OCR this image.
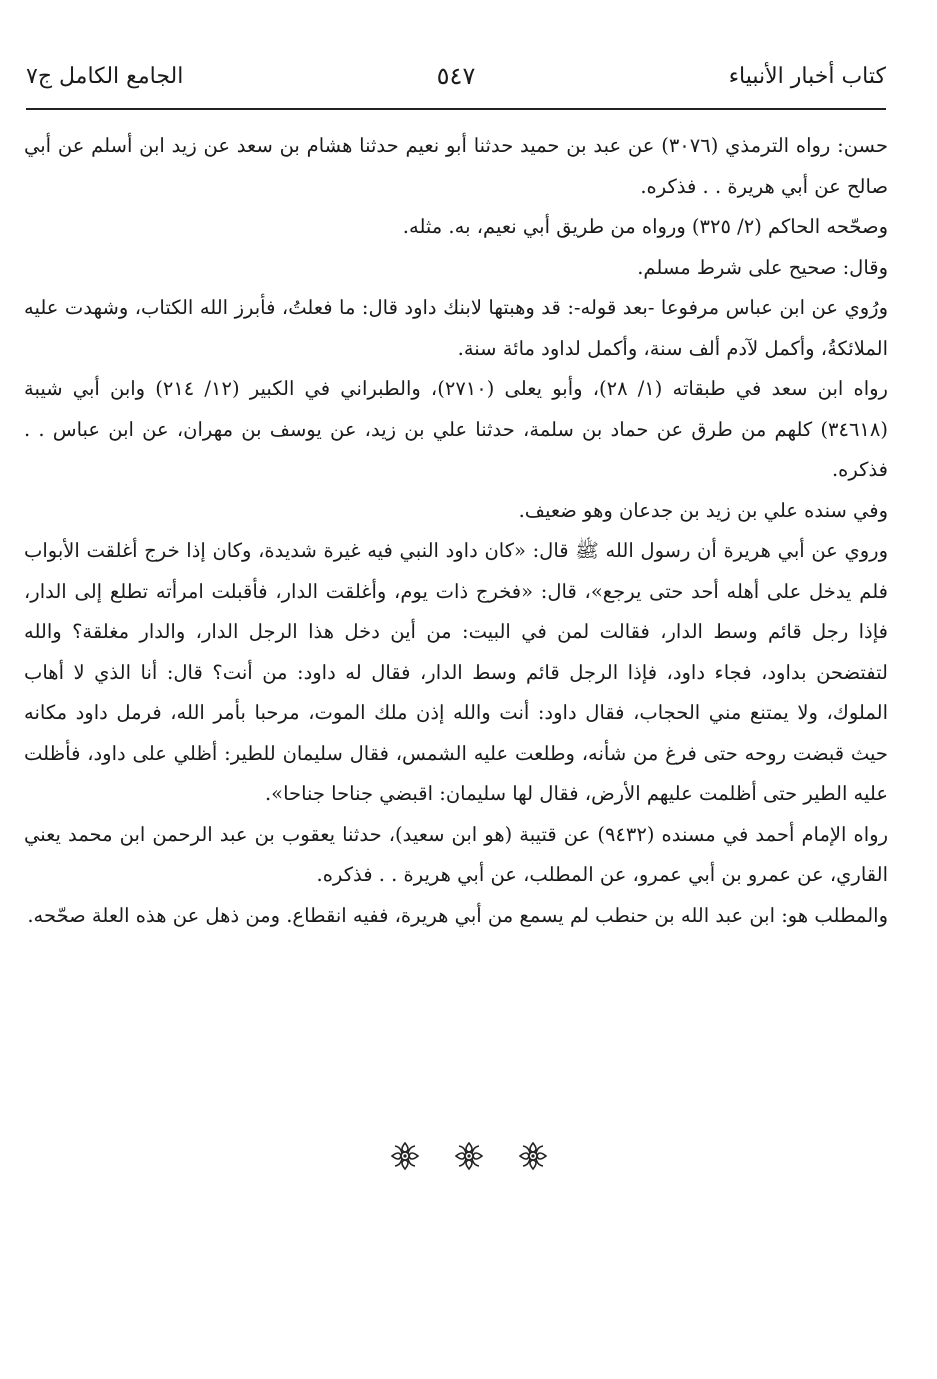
كتاب أخبار الأنبياء
٥٤٧
الجامع الكامل ج٧

حسن: رواه الترمذي (٣٠٧٦) عن عبد بن حميد حدثنا أبو نعيم حدثنا هشام بن سعد عن زيد ابن أسلم عن أبي صالح عن أبي هريرة . . فذكره.

وصحّحه الحاكم (٢/ ٣٢٥) ورواه من طريق أبي نعيم، به. مثله.

وقال: صحيح على شرط مسلم.

ورُوي عن ابن عباس مرفوعا -بعد قوله-: قد وهبتها لابنك داود قال: ما فعلتُ، فأبرز الله الكتاب، وشهدت عليه الملائكةُ، وأكمل لآدم ألف سنة، وأكمل لداود مائة سنة.

رواه ابن سعد في طبقاته (١/ ٢٨)، وأبو يعلى (٢٧١٠)، والطبراني في الكبير (١٢/ ٢١٤) وابن أبي شيبة (٣٤٦١٨) كلهم من طرق عن حماد بن سلمة، حدثنا علي بن زيد، عن يوسف بن مهران، عن ابن عباس . . فذكره.

وفي سنده علي بن زيد بن جدعان وهو ضعيف.

وروي عن أبي هريرة أن رسول الله ﷺ قال: «كان داود النبي فيه غيرة شديدة، وكان إذا خرج أغلقت الأبواب فلم يدخل على أهله أحد حتى يرجع»، قال: «فخرج ذات يوم، وأغلقت الدار، فأقبلت امرأته تطلع إلى الدار، فإذا رجل قائم وسط الدار، فقالت لمن في البيت: من أين دخل هذا الرجل الدار، والدار مغلقة؟ والله لتفتضحن بداود، فجاء داود، فإذا الرجل قائم وسط الدار، فقال له داود: من أنت؟ قال: أنا الذي لا أهاب الملوك، ولا يمتنع مني الحجاب، فقال داود: أنت والله إذن ملك الموت، مرحبا بأمر الله، فرمل داود مكانه حيث قبضت روحه حتى فرغ من شأنه، وطلعت عليه الشمس، فقال سليمان للطير: أظلي على داود، فأظلت عليه الطير حتى أظلمت عليهم الأرض، فقال لها سليمان: اقبضي جناحا جناحا».

رواه الإمام أحمد في مسنده (٩٤٣٢) عن قتيبة (هو ابن سعيد)، حدثنا يعقوب بن عبد الرحمن ابن محمد يعني القاري، عن عمرو بن أبي عمرو، عن المطلب، عن أبي هريرة . . فذكره.

والمطلب هو: ابن عبد الله بن حنطب لم يسمع من أبي هريرة، ففيه انقطاع. ومن ذهل عن هذه العلة صحّحه.
